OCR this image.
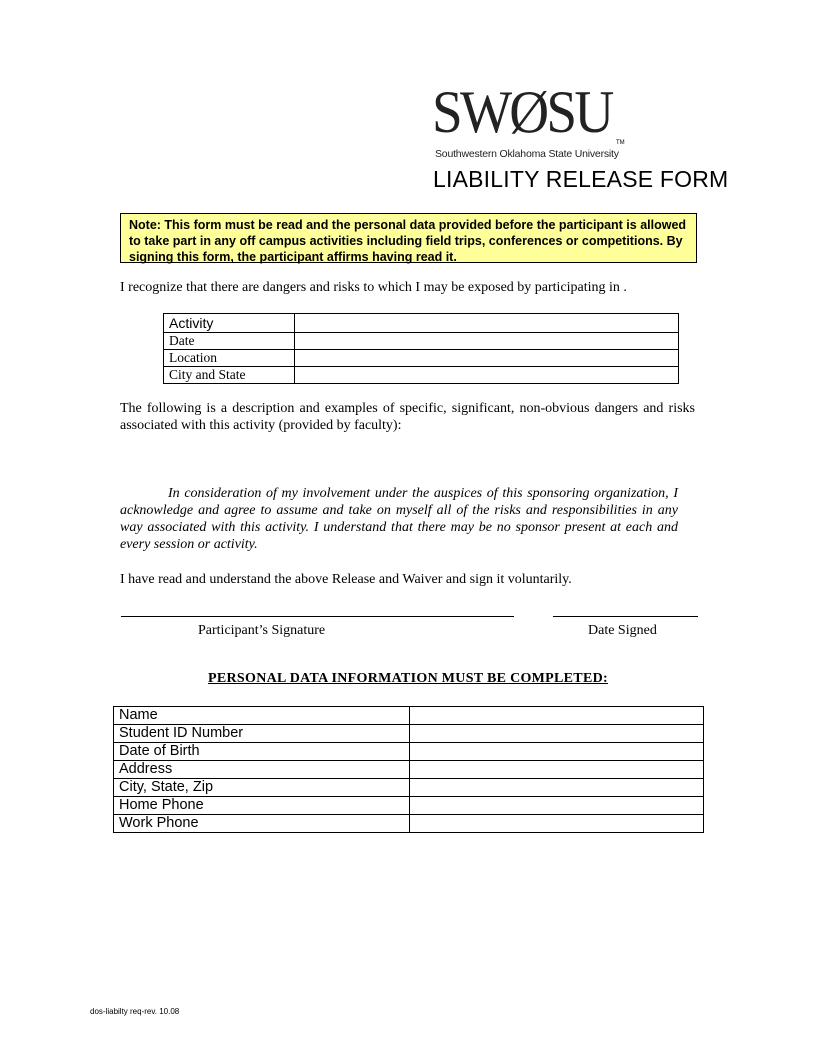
SWØSU TM
Southwestern Oklahoma State University
LIABILITY RELEASE FORM
Note: This form must be read and the personal data provided before the participant is allowed to take part in any off campus activities including field trips, conferences or competitions. By signing this form, the participant affirms having read it.
I recognize that there are dangers and risks to which I may be exposed by participating in .
Activity	
Date	
Location	
City and State	
The following is a description and examples of specific, significant, non-obvious dangers and risks associated with this activity (provided by faculty):
In consideration of my involvement under the auspices of this sponsoring organization, I acknowledge and agree to assume and take on myself all of the risks and responsibilities in any way associated with this activity. I understand that there may be no sponsor present at each and every session or activity.
I have read and understand the above Release and Waiver and sign it voluntarily.
Participant’s Signature	Date Signed
PERSONAL DATA INFORMATION MUST BE COMPLETED:
Name	
Student ID Number	
Date of Birth	
Address	
City, State, Zip	
Home Phone	
Work Phone	
dos-liabilty req-rev. 10.08
